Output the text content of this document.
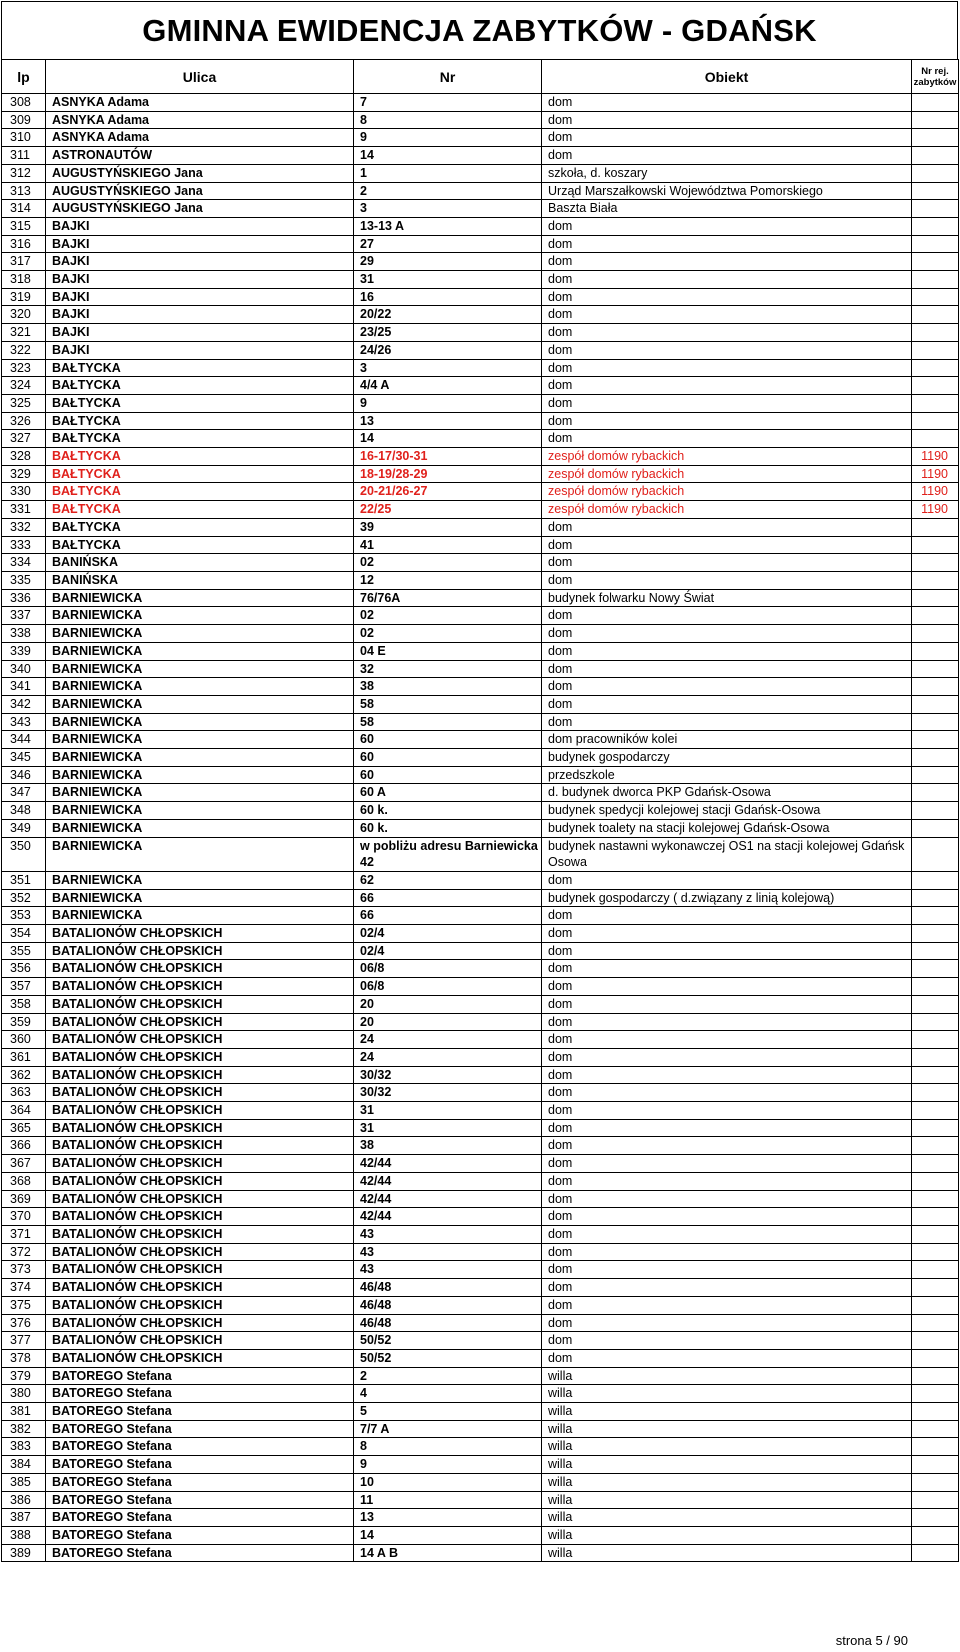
GMINNA EWIDENCJA ZABYTKÓW - GDAŃSK
lp	Ulica	Nr	Obiekt	Nr rej.
zabytków
308	ASNYKA Adama	7	dom	
309	ASNYKA Adama	8	dom	
310	ASNYKA Adama	9	dom	
311	ASTRONAUTÓW	14	dom	
312	AUGUSTYŃSKIEGO Jana	1	szkoła, d. koszary	
313	AUGUSTYŃSKIEGO Jana	2	Urząd Marszałkowski Województwa Pomorskiego	
314	AUGUSTYŃSKIEGO Jana	3	Baszta Biała	
315	BAJKI	13-13 A	dom	
316	BAJKI	27	dom	
317	BAJKI	29	dom	
318	BAJKI	31	dom	
319	BAJKI	16	dom	
320	BAJKI	20/22	dom	
321	BAJKI	23/25	dom	
322	BAJKI	24/26	dom	
323	BAŁTYCKA	3	dom	
324	BAŁTYCKA	4/4 A	dom	
325	BAŁTYCKA	9	dom	
326	BAŁTYCKA	13	dom	
327	BAŁTYCKA	14	dom	
328	BAŁTYCKA	16-17/30-31	zespół domów rybackich	1190
329	BAŁTYCKA	18-19/28-29	zespół domów rybackich	1190
330	BAŁTYCKA	20-21/26-27	zespół domów rybackich	1190
331	BAŁTYCKA	22/25	zespół domów rybackich	1190
332	BAŁTYCKA	39	dom	
333	BAŁTYCKA	41	dom	
334	BANIŃSKA	02	dom	
335	BANIŃSKA	12	dom	
336	BARNIEWICKA	76/76A	budynek folwarku Nowy Świat	
337	BARNIEWICKA	02	dom	
338	BARNIEWICKA	02	dom	
339	BARNIEWICKA	04 E	dom	
340	BARNIEWICKA	32	dom	
341	BARNIEWICKA	38	dom	
342	BARNIEWICKA	58	dom	
343	BARNIEWICKA	58	dom	
344	BARNIEWICKA	60	dom pracowników kolei	
345	BARNIEWICKA	60	budynek gospodarczy	
346	BARNIEWICKA	60	przedszkole	
347	BARNIEWICKA	60 A	d. budynek dworca PKP Gdańsk-Osowa	
348	BARNIEWICKA	60 k.	budynek spedycji kolejowej stacji Gdańsk-Osowa	
349	BARNIEWICKA	60 k.	budynek toalety na stacji kolejowej Gdańsk-Osowa	
350	BARNIEWICKA	w pobliżu adresu Barniewicka 42	budynek nastawni wykonawczej OS1 na stacji kolejowej Gdańsk Osowa	
351	BARNIEWICKA	62	dom	
352	BARNIEWICKA	66	budynek gospodarczy ( d.związany z linią kolejową)	
353	BARNIEWICKA	66	dom	
354	BATALIONÓW CHŁOPSKICH	02/4	dom	
355	BATALIONÓW CHŁOPSKICH	02/4	dom	
356	BATALIONÓW CHŁOPSKICH	06/8	dom	
357	BATALIONÓW CHŁOPSKICH	06/8	dom	
358	BATALIONÓW CHŁOPSKICH	20	dom	
359	BATALIONÓW CHŁOPSKICH	20	dom	
360	BATALIONÓW CHŁOPSKICH	24	dom	
361	BATALIONÓW CHŁOPSKICH	24	dom	
362	BATALIONÓW CHŁOPSKICH	30/32	dom	
363	BATALIONÓW CHŁOPSKICH	30/32	dom	
364	BATALIONÓW CHŁOPSKICH	31	dom	
365	BATALIONÓW CHŁOPSKICH	31	dom	
366	BATALIONÓW CHŁOPSKICH	38	dom	
367	BATALIONÓW CHŁOPSKICH	42/44	dom	
368	BATALIONÓW CHŁOPSKICH	42/44	dom	
369	BATALIONÓW CHŁOPSKICH	42/44	dom	
370	BATALIONÓW CHŁOPSKICH	42/44	dom	
371	BATALIONÓW CHŁOPSKICH	43	dom	
372	BATALIONÓW CHŁOPSKICH	43	dom	
373	BATALIONÓW CHŁOPSKICH	43	dom	
374	BATALIONÓW CHŁOPSKICH	46/48	dom	
375	BATALIONÓW CHŁOPSKICH	46/48	dom	
376	BATALIONÓW CHŁOPSKICH	46/48	dom	
377	BATALIONÓW CHŁOPSKICH	50/52	dom	
378	BATALIONÓW CHŁOPSKICH	50/52	dom	
379	BATOREGO Stefana	2	willa	
380	BATOREGO Stefana	4	willa	
381	BATOREGO Stefana	5	willa	
382	BATOREGO Stefana	7/7 A	willa	
383	BATOREGO Stefana	8	willa	
384	BATOREGO Stefana	9	willa	
385	BATOREGO Stefana	10	willa	
386	BATOREGO Stefana	11	willa	
387	BATOREGO Stefana	13	willa	
388	BATOREGO Stefana	14	willa	
389	BATOREGO Stefana	14 A B	willa	
strona 5 / 90
